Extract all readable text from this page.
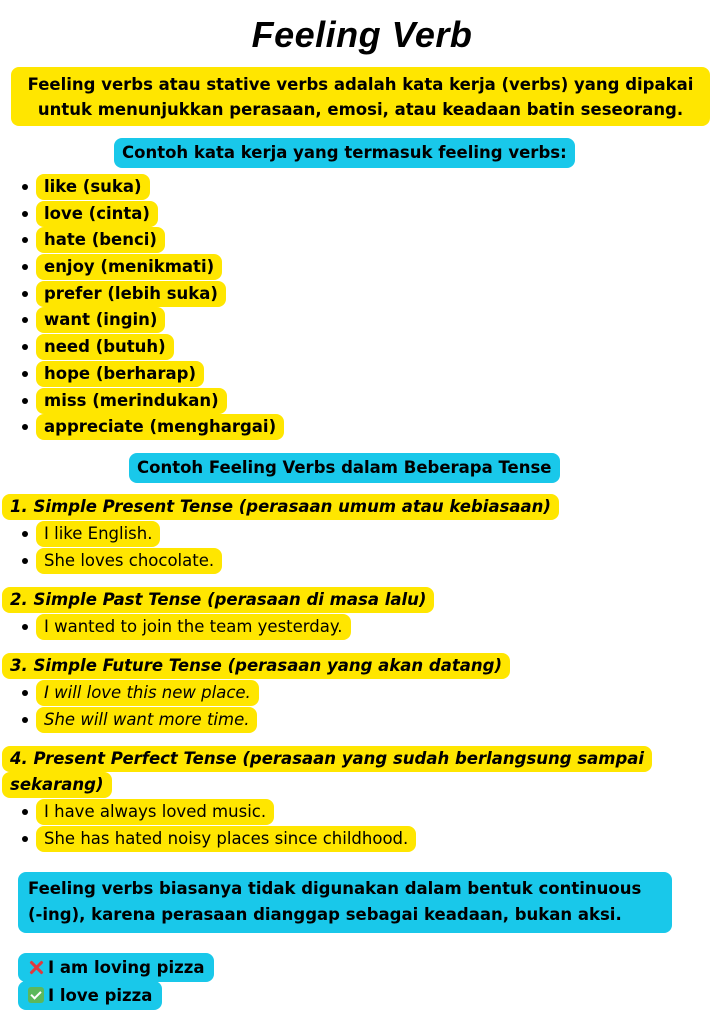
Feeling Verb
Feeling verbs atau stative verbs adalah kata kerja (verbs) yang dipakai
untuk menunjukkan perasaan, emosi, atau keadaan batin seseorang.
Contoh kata kerja yang termasuk feeling verbs:
like (suka)
love (cinta)
hate (benci)
enjoy (menikmati)
prefer (lebih suka)
want (ingin)
need (butuh)
hope (berharap)
miss (merindukan)
appreciate (menghargai)
Contoh Feeling Verbs dalam Beberapa Tense
1. Simple Present Tense (perasaan umum atau kebiasaan)
I like English.
She loves chocolate.
2. Simple Past Tense (perasaan di masa lalu)
I wanted to join the team yesterday.
3. Simple Future Tense (perasaan yang akan datang)
I will love this new place.
She will want more time.
4. Present Perfect Tense (perasaan yang sudah berlangsung sampai
sekarang)
I have always loved music.
She has hated noisy places since childhood.
Feeling verbs biasanya tidak digunakan dalam bentuk continuous
(-ing), karena perasaan dianggap sebagai keadaan, bukan aksi.
I am loving pizza
I love pizza
